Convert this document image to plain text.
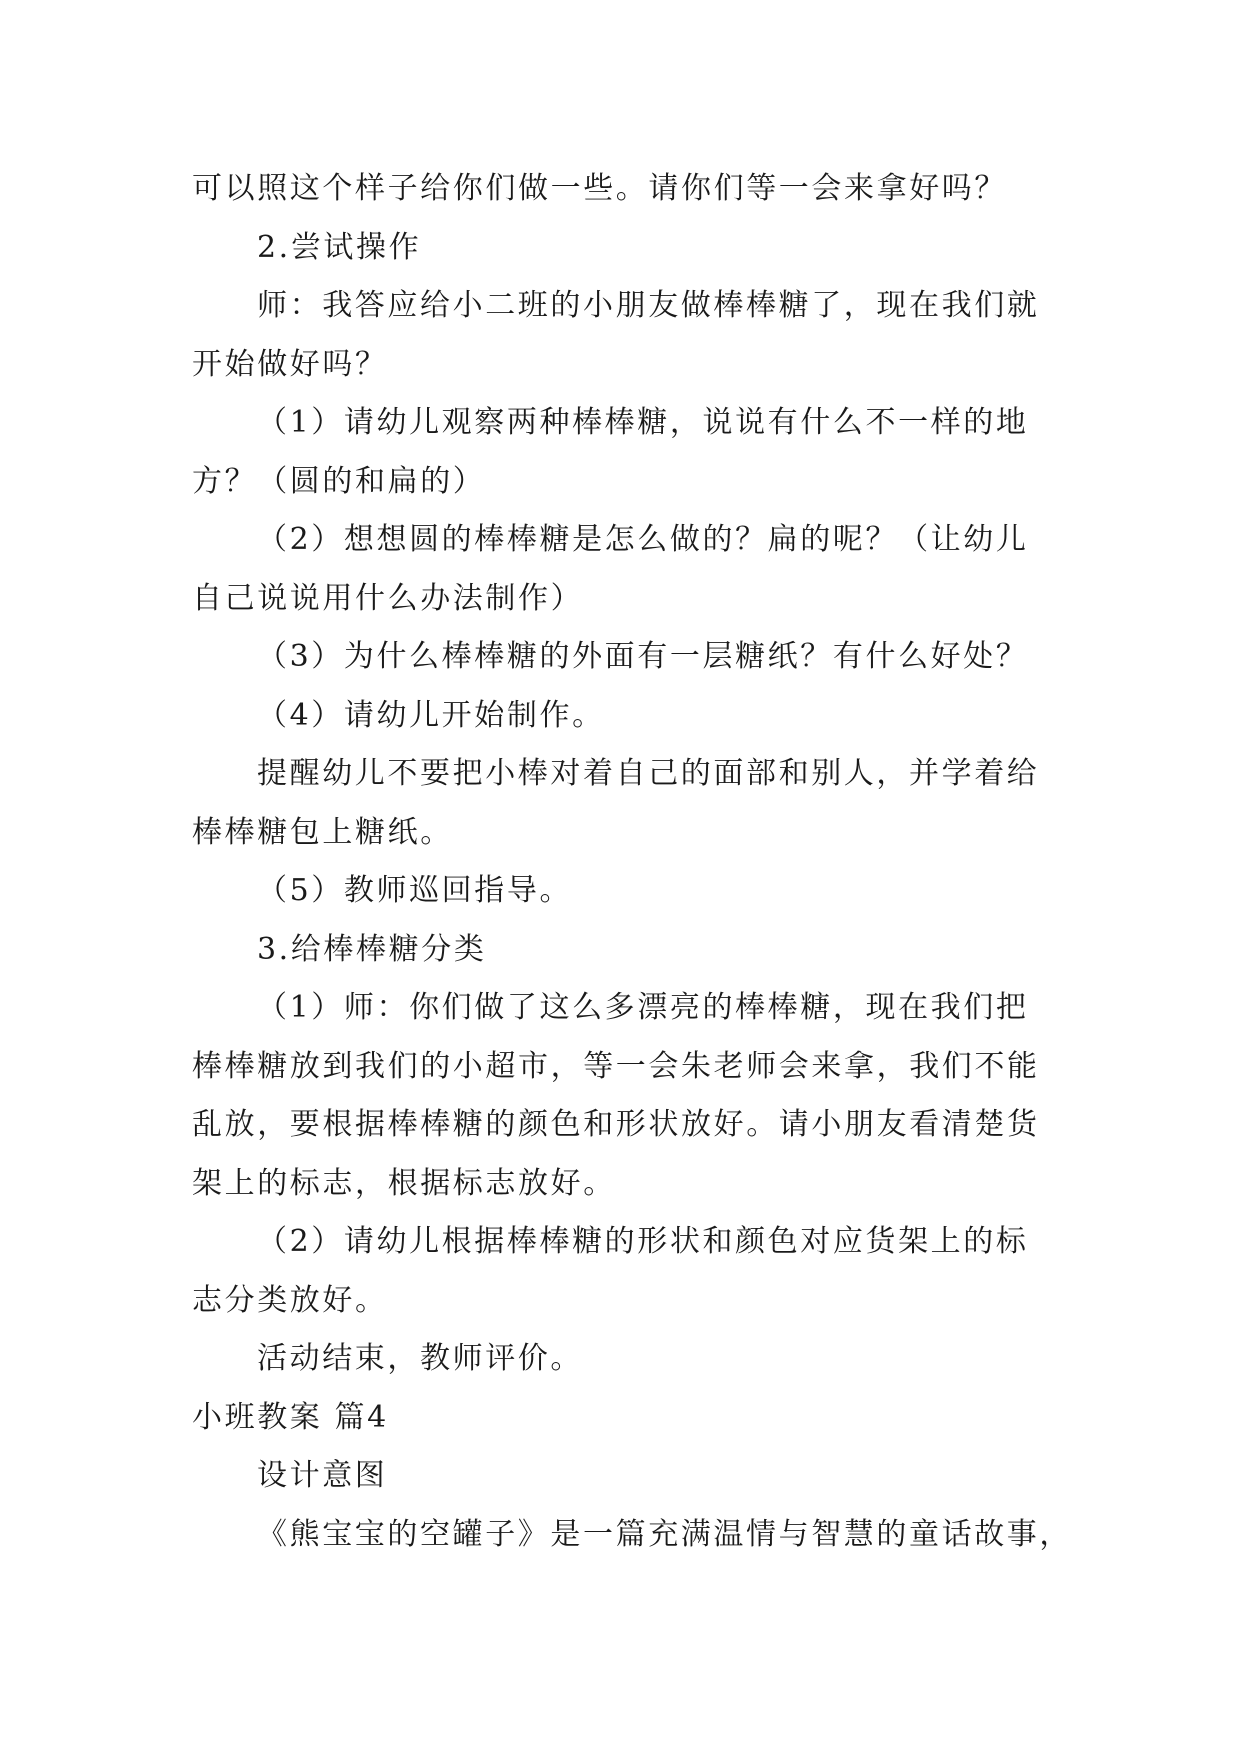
可以照这个样子给你们做一些。请你们等一会来拿好吗？
2.尝试操作
师：我答应给小二班的小朋友做棒棒糖了，现在我们就
开始做好吗？
（1）请幼儿观察两种棒棒糖，说说有什么不一样的地
方？（圆的和扁的）
（2）想想圆的棒棒糖是怎么做的？扁的呢？（让幼儿
自己说说用什么办法制作）
（3）为什么棒棒糖的外面有一层糖纸？有什么好处？
（4）请幼儿开始制作。
提醒幼儿不要把小棒对着自己的面部和别人，并学着给
棒棒糖包上糖纸。
（5）教师巡回指导。
3.给棒棒糖分类
（1）师：你们做了这么多漂亮的棒棒糖，现在我们把
棒棒糖放到我们的小超市，等一会朱老师会来拿，我们不能
乱放，要根据棒棒糖的颜色和形状放好。请小朋友看清楚货
架上的标志，根据标志放好。
（2）请幼儿根据棒棒糖的形状和颜色对应货架上的标
志分类放好。
活动结束，教师评价。
小班教案 篇4
设计意图
《熊宝宝的空罐子》是一篇充满温情与智慧的童话故事，
